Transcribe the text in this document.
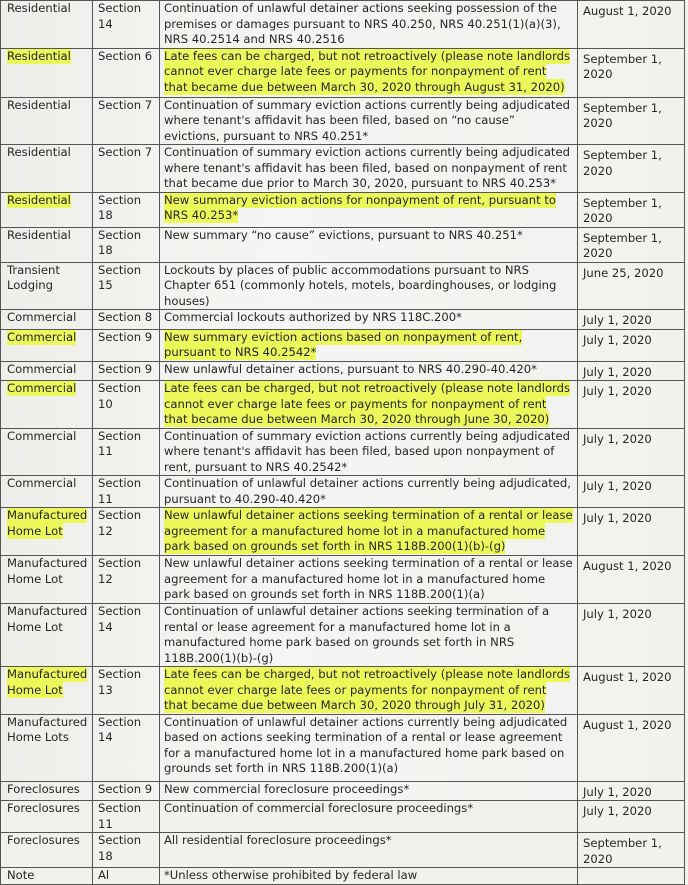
Residential	Section 14	Continuation of unlawful detainer actions seeking possession of the premises or damages pursuant to NRS 40.250, NRS 40.251(1)(a)(3), NRS 40.2514 and NRS 40.2516	August 1, 2020
Residential	Section 6	Late fees can be charged, but not retroactively (please note landlords cannot ever charge late fees or payments for nonpayment of rent that became due between March 30, 2020 through August 31, 2020)	September 1, 2020
Residential	Section 7	Continuation of summary eviction actions currently being adjudicated where tenant's affidavit has been filed, based on “no cause” evictions, pursuant to NRS 40.251*	September 1, 2020
Residential	Section 7	Continuation of summary eviction actions currently being adjudicated where tenant's affidavit has been filed, based on nonpayment of rent that became due prior to March 30, 2020, pursuant to NRS 40.253*	September 1, 2020
Residential	Section 18	New summary eviction actions for nonpayment of rent, pursuant to NRS 40.253*	September 1, 2020
Residential	Section 18	New summary “no cause” evictions, pursuant to NRS 40.251*	September 1, 2020
Transient Lodging	Section 15	Lockouts by places of public accommodations pursuant to NRS Chapter 651 (commonly hotels, motels, boardinghouses, or lodging houses)	June 25, 2020
Commercial	Section 8	Commercial lockouts authorized by NRS 118C.200*	July 1, 2020
Commercial	Section 9	New summary eviction actions based on nonpayment of rent, pursuant to NRS 40.2542*	July 1, 2020
Commercial	Section 9	New unlawful detainer actions, pursuant to NRS 40.290-40.420*	July 1, 2020
Commercial	Section 10	Late fees can be charged, but not retroactively (please note landlords cannot ever charge late fees or payments for nonpayment of rent that became due between March 30, 2020 through June 30, 2020)	July 1, 2020
Commercial	Section 11	Continuation of summary eviction actions currently being adjudicated where tenant's affidavit has been filed, based upon nonpayment of rent, pursuant to NRS 40.2542*	July 1, 2020
Commercial	Section 11	Continuation of unlawful detainer actions currently being adjudicated, pursuant to 40.290-40.420*	July 1, 2020
Manufactured Home Lot	Section 12	New unlawful detainer actions seeking termination of a rental or lease agreement for a manufactured home lot in a manufactured home park based on grounds set forth in NRS 118B.200(1)(b)-(g)	July 1, 2020
Manufactured Home Lot	Section 12	New unlawful detainer actions seeking termination of a rental or lease agreement for a manufactured home lot in a manufactured home park based on grounds set forth in NRS 118B.200(1)(a)	August 1, 2020
Manufactured Home Lot	Section 14	Continuation of unlawful detainer actions seeking termination of a rental or lease agreement for a manufactured home lot in a manufactured home park based on grounds set forth in NRS 118B.200(1)(b)-(g)	July 1, 2020
Manufactured Home Lot	Section 13	Late fees can be charged, but not retroactively (please note landlords cannot ever charge late fees or payments for nonpayment of rent that became due between March 30, 2020 through July 31, 2020)	August 1, 2020
Manufactured Home Lots	Section 14	Continuation of unlawful detainer actions currently being adjudicated based on actions seeking termination of a rental or lease agreement for a manufactured home lot in a manufactured home park based on grounds set forth in NRS 118B.200(1)(a)	August 1, 2020
Foreclosures	Section 9	New commercial foreclosure proceedings*	July 1, 2020
Foreclosures	Section 11	Continuation of commercial foreclosure proceedings*	July 1, 2020
Foreclosures	Section 18	All residential foreclosure proceedings*	September 1, 2020
Note	Al	*Unless otherwise prohibited by federal law	
